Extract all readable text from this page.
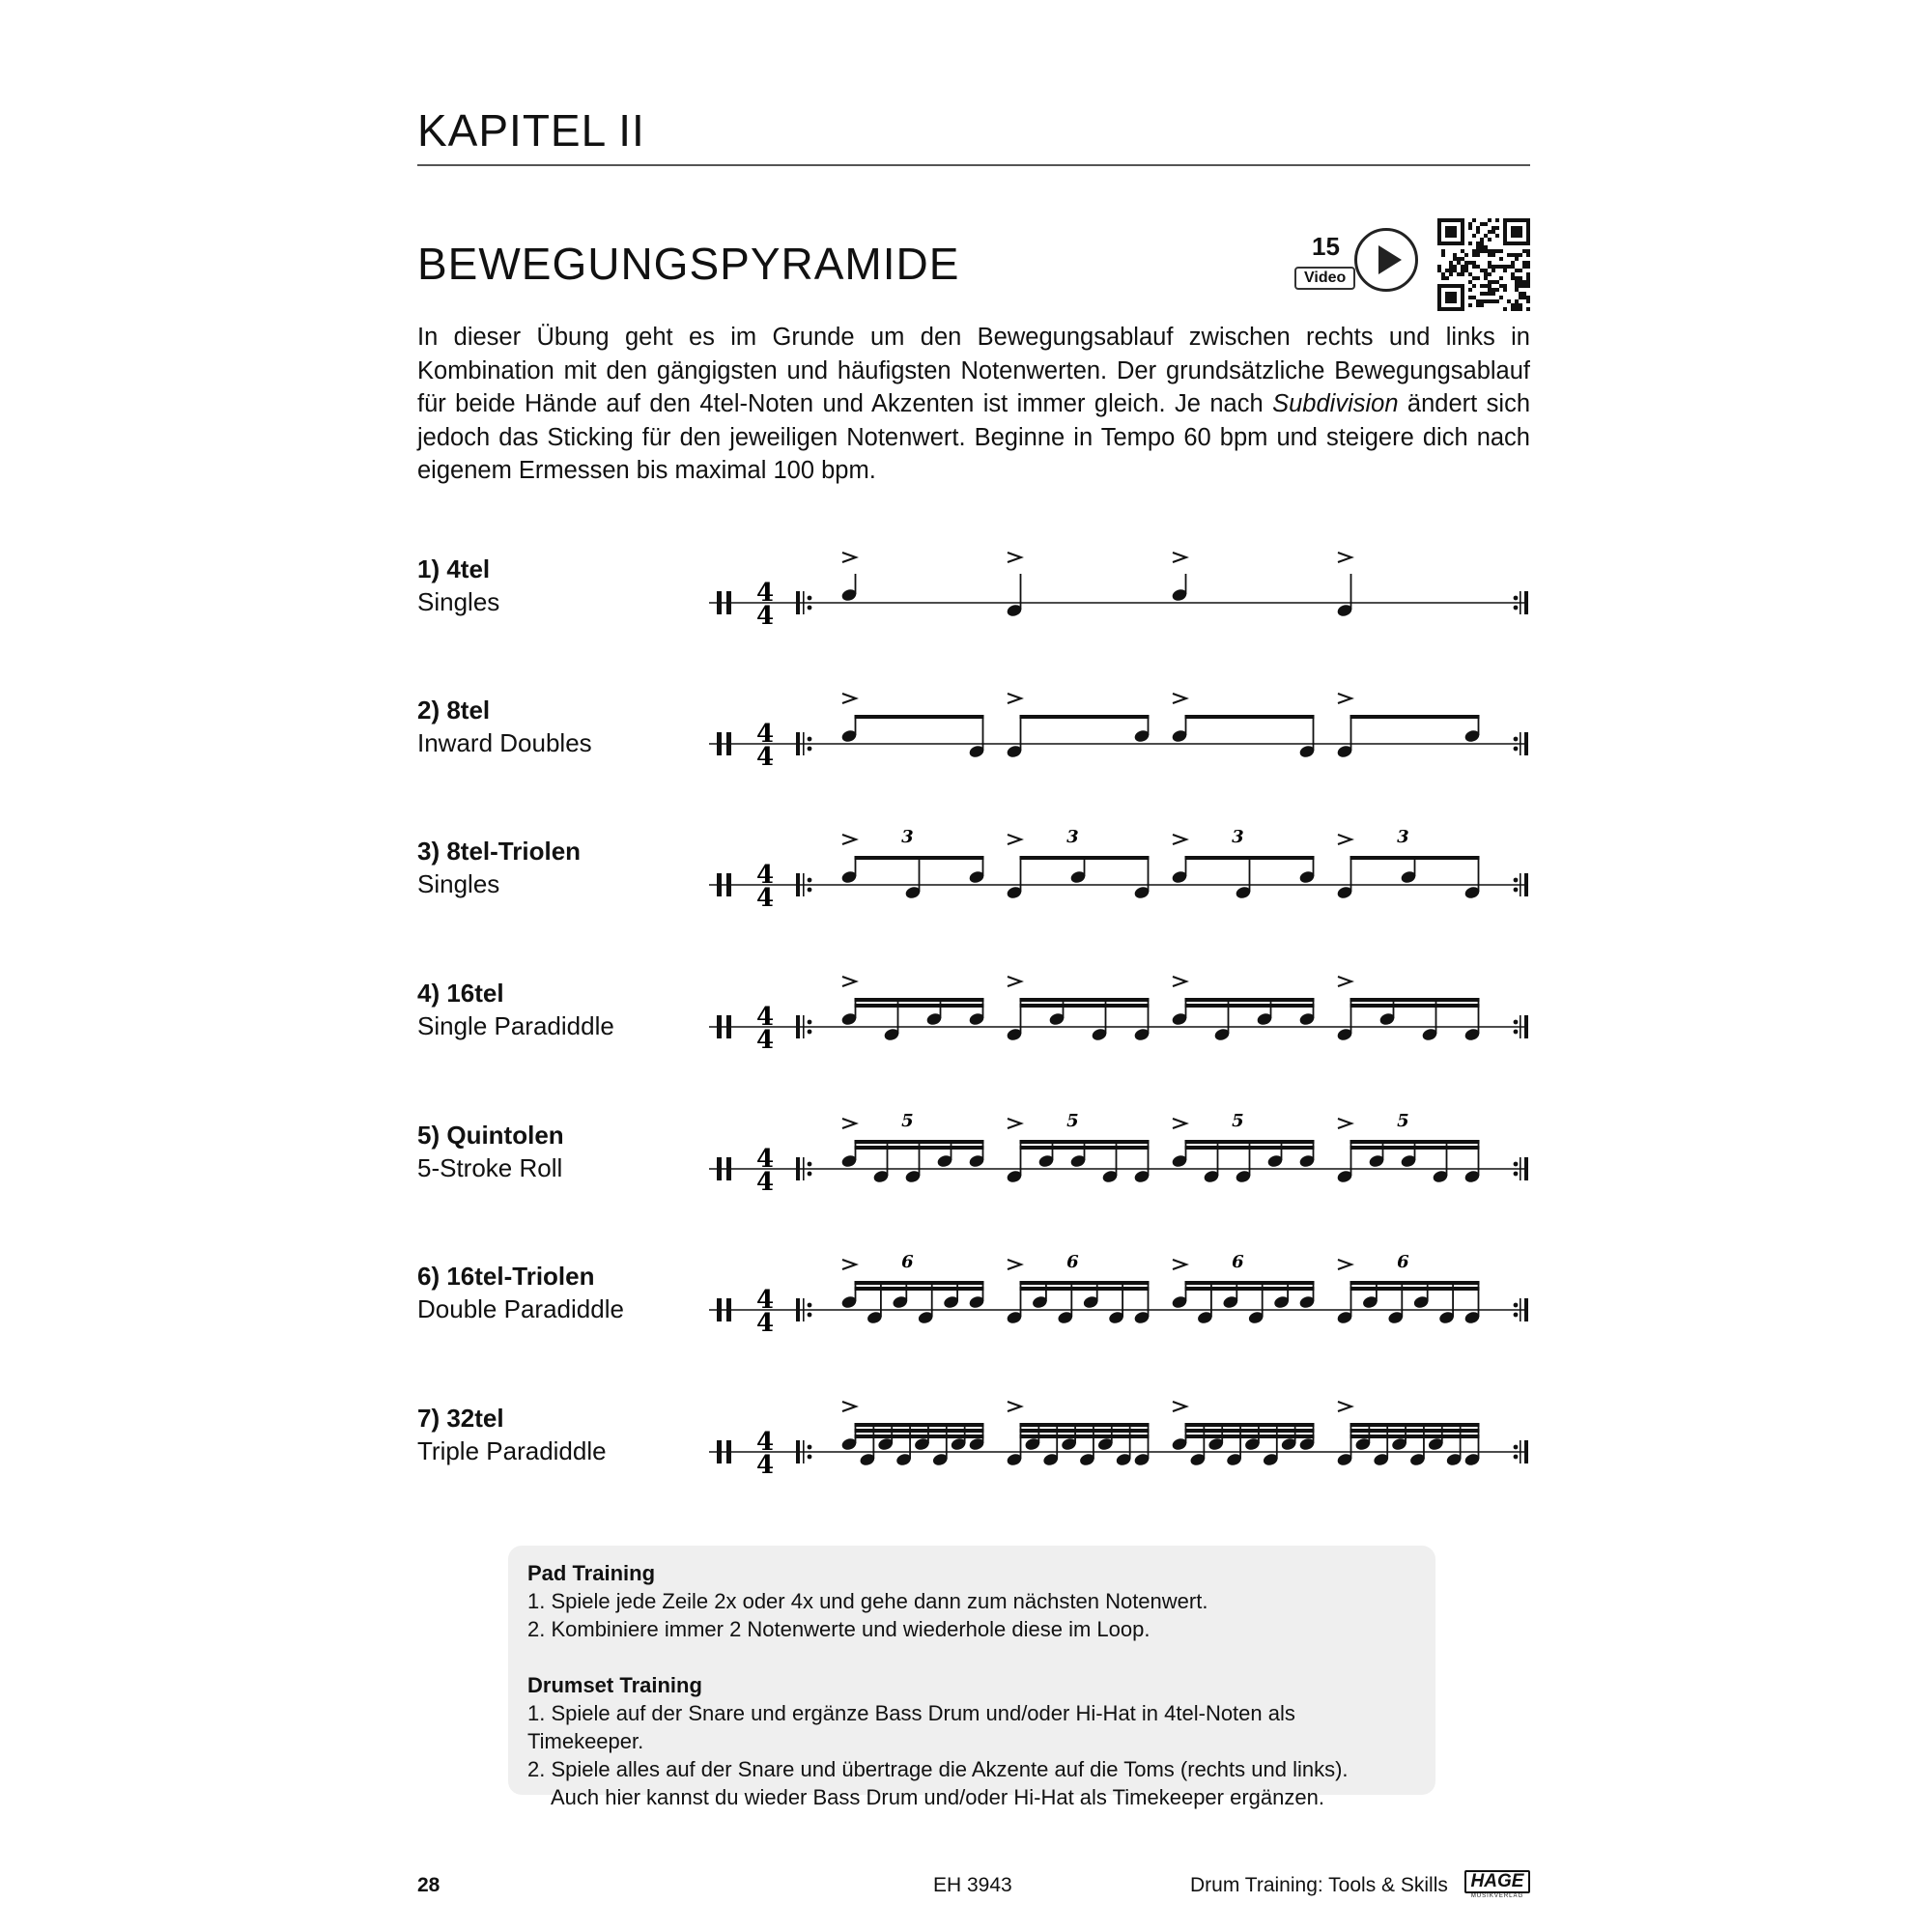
KAPITEL II
BEWEGUNGSPYRAMIDE	15
Video

In dieser Übung geht es im Grunde um den Bewegungsablauf zwischen rechts und links in Kombination mit den gängigsten und häufigsten Notenwerten. Der grundsätzliche Bewegungsablauf für beide Hände auf den 4tel-Noten und Akzenten ist immer gleich. Je nach Subdivision ändert sich jedoch das Sticking für den jeweiligen Notenwert. Beginne in Tempo 60 bpm und steigere dich nach eigenem Ermessen bis maximal 100 bpm.

1) 4tel
Singles	4
4
2) 8tel
Inward Doubles	4
4
3) 8tel-Triolen
Singles	4
4
3	3	3	3
4) 16tel
Single Paradiddle	4
4
5) Quintolen
5-Stroke Roll	4
4
5	5	5	5
6) 16tel-Triolen
Double Paradiddle	4
4
6	6	6	6
7) 32tel
Triple Paradiddle	4
4
Pad Training
1. Spiele jede Zeile 2x oder 4x und gehe dann zum nächsten Notenwert.
2. Kombiniere immer 2 Notenwerte und wiederhole diese im Loop.
Drumset Training
1. Spiele auf der Snare und ergänze Bass Drum und/oder Hi-Hat in 4tel-Noten als Timekeeper.
2. Spiele alles auf der Snare und übertrage die Akzente auf die Toms (rechts und links).
Auch hier kannst du wieder Bass Drum und/oder Hi-Hat als Timekeeper ergänzen.
28	EH 3943	Drum Training: Tools & Skills	HAGE
MUSIKVERLAG
